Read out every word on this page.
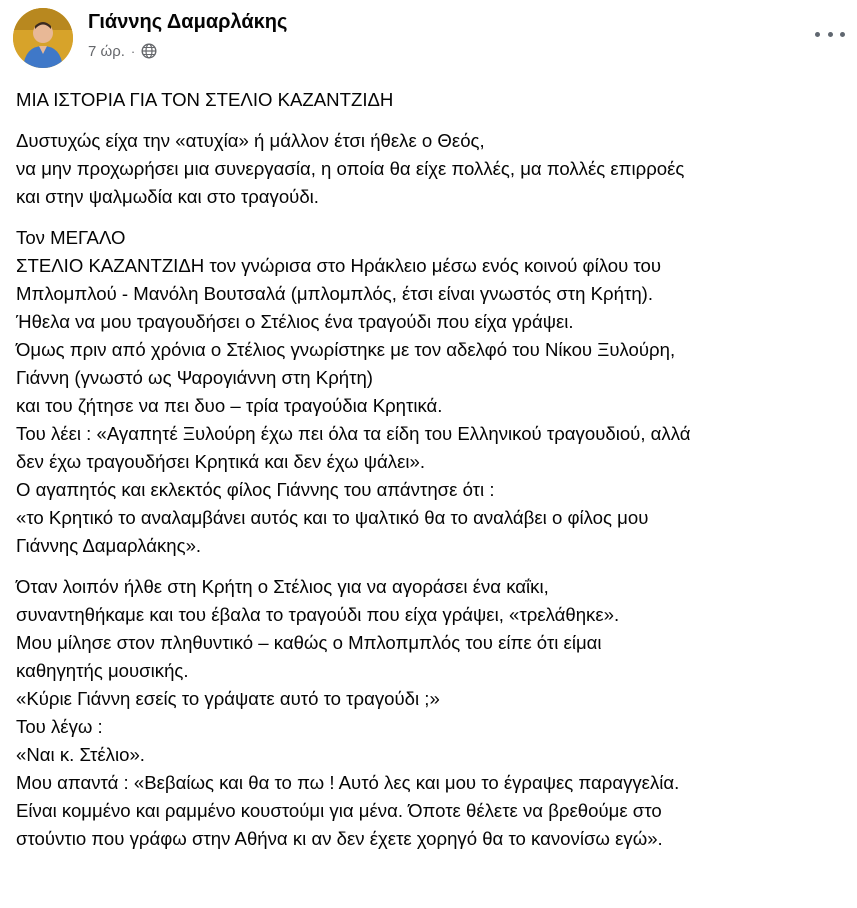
Γιάννης Δαμαρλάκης
7 ώρ. ·
ΜΙΑ ΙΣΤΟΡΙΑ ΓΙΑ ΤΟΝ ΣΤΕΛΙΟ ΚΑΖΑΝΤΖΙΔΗ
Δυστυχώς είχα την «ατυχία» ή μάλλον έτσι ήθελε ο Θεός,
να μην προχωρήσει μια συνεργασία, η οποία θα είχε πολλές, μα πολλές επιρροές
και στην ψαλμωδία και στο τραγούδι.
Τον ΜΕΓΑΛΟ
ΣΤΕΛΙΟ ΚΑΖΑΝΤΖΙΔΗ τον γνώρισα στο Ηράκλειο μέσω ενός κοινού φίλου του
Μπλομπλού - Μανόλη Βουτσαλά (μπλομπλός, έτσι είναι γνωστός στη Κρήτη).
Ήθελα να μου τραγουδήσει ο Στέλιος ένα τραγούδι που είχα γράψει.
Όμως πριν από χρόνια ο Στέλιος γνωρίστηκε με τον αδελφό του Νίκου Ξυλούρη,
Γιάννη (γνωστό ως Ψαρογιάννη στη Κρήτη)
και του ζήτησε να πει δυο – τρία τραγούδια Κρητικά.
Του λέει : «Αγαπητέ Ξυλούρη έχω πει όλα τα είδη του Ελληνικού τραγουδιού, αλλά
δεν έχω τραγουδήσει Κρητικά και δεν έχω ψάλει».
Ο αγαπητός και εκλεκτός φίλος Γιάννης του απάντησε ότι :
«το Κρητικό το αναλαμβάνει αυτός και το ψαλτικό θα το αναλάβει ο φίλος μου
Γιάννης Δαμαρλάκης».
Όταν λοιπόν ήλθε στη Κρήτη ο Στέλιος για να αγοράσει ένα καΐκι,
συναντηθήκαμε και του έβαλα το τραγούδι που είχα γράψει, «τρελάθηκε».
Μου μίλησε στον πληθυντικό – καθώς ο Μπλοπμπλός του είπε ότι είμαι
καθηγητής μουσικής.
«Κύριε Γιάννη εσείς το γράψατε αυτό το τραγούδι ;»
Του λέγω :
«Ναι κ. Στέλιο».
Μου απαντά : «Βεβαίως και θα το πω ! Αυτό λες και μου το έγραψες παραγγελία.
Είναι κομμένο και ραμμένο κουστούμι για μένα. Όποτε θέλετε να βρεθούμε στο
στούντιο που γράφω στην Αθήνα κι αν δεν έχετε χορηγό θα το κανονίσω εγώ».
